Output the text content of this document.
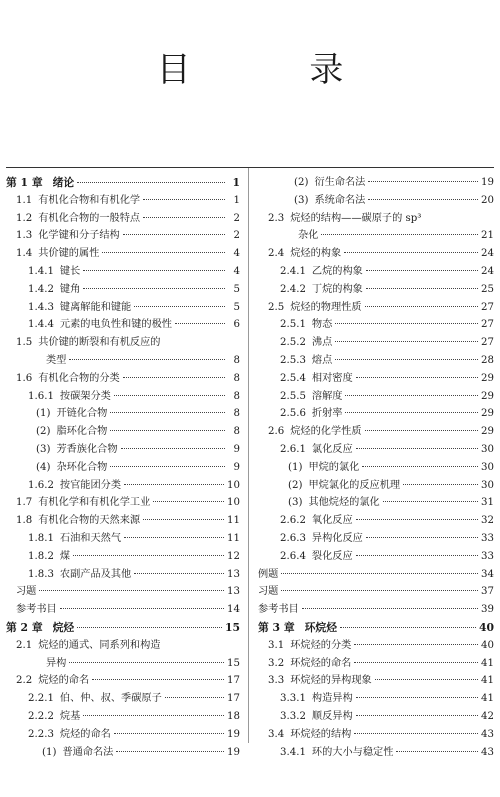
目 录
第 1 章 绪论	1
1.1 有机化合物和有机化学	1
1.2 有机化合物的一般特点	2
1.3 化学键和分子结构	2
1.4 共价键的属性	4
1.4.1 键长	4
1.4.2 键角	5
1.4.3 键离解能和键能	5
1.4.4 元素的电负性和键的极性	6
1.5 共价键的断裂和有机反应的
类型	8
1.6 有机化合物的分类	8
1.6.1 按碳架分类	8
(1) 开链化合物	8
(2) 脂环化合物	8
(3) 芳香族化合物	9
(4) 杂环化合物	9
1.6.2 按官能团分类	10
1.7 有机化学和有机化学工业	10
1.8 有机化合物的天然来源	11
1.8.1 石油和天然气	11
1.8.2 煤	12
1.8.3 农副产品及其他	13
习题	13
参考书目	14
第 2 章 烷烃	15
2.1 烷烃的通式、同系列和构造
异构	15
2.2 烷烃的命名	17
2.2.1 伯、仲、叔、季碳原子	17
2.2.2 烷基	18
2.2.3 烷烃的命名	19
(1) 普通命名法	19
(2) 衍生命名法	19
(3) 系统命名法	20
2.3 烷烃的结构——碳原子的 sp³
杂化	21
2.4 烷烃的构象	24
2.4.1 乙烷的构象	24
2.4.2 丁烷的构象	25
2.5 烷烃的物理性质	27
2.5.1 物态	27
2.5.2 沸点	27
2.5.3 熔点	28
2.5.4 相对密度	29
2.5.5 溶解度	29
2.5.6 折射率	29
2.6 烷烃的化学性质	29
2.6.1 氯化反应	30
(1) 甲烷的氯化	30
(2) 甲烷氯化的反应机理	30
(3) 其他烷烃的氯化	31
2.6.2 氧化反应	32
2.6.3 异构化反应	33
2.6.4 裂化反应	33
例题	34
习题	37
参考书目	39
第 3 章 环烷烃	40
3.1 环烷烃的分类	40
3.2 环烷烃的命名	41
3.3 环烷烃的异构现象	41
3.3.1 构造异构	41
3.3.2 顺反异构	42
3.4 环烷烃的结构	43
3.4.1 环的大小与稳定性	43
